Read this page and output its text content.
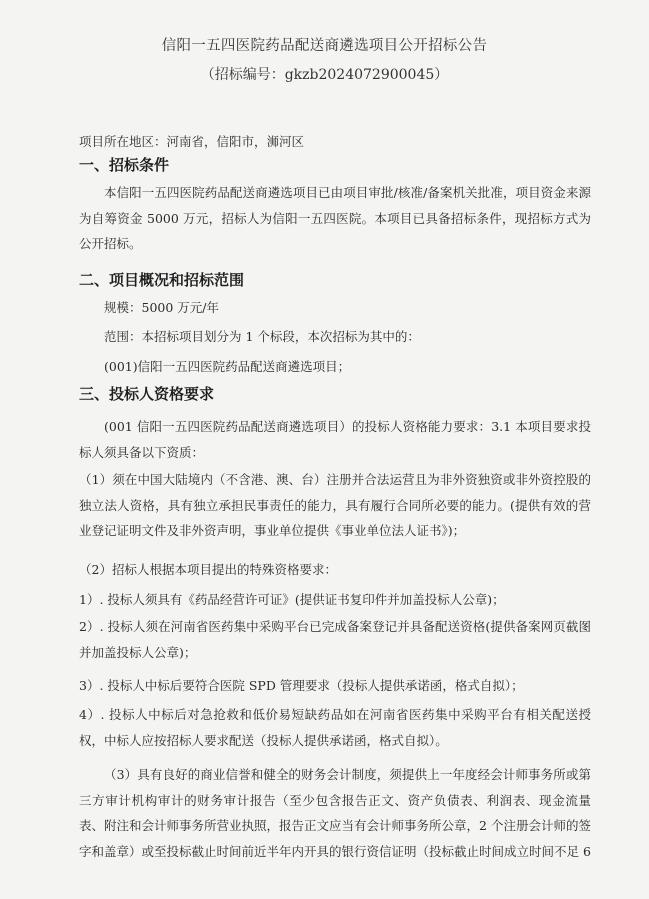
信阳一五四医院药品配送商遴选项目公开招标公告
（招标编号：gkzb2024072900045）
项目所在地区：河南省，信阳市，浉河区
一、招标条件
本信阳一五四医院药品配送商遴选项目已由项目审批/核准/备案机关批准，项目资金来源为自筹资金 5000 万元，招标人为信阳一五四医院。本项目已具备招标条件，现招标方式为公开招标。
二、项目概况和招标范围
规模：5000 万元/年
范围：本招标项目划分为 1 个标段，本次招标为其中的：
(001)信阳一五四医院药品配送商遴选项目；
三、投标人资格要求
(001 信阳一五四医院药品配送商遴选项目）的投标人资格能力要求：3.1 本项目要求投标人须具备以下资质：
（1）须在中国大陆境内（不含港、澳、台）注册并合法运营且为非外资独资或非外资控股的独立法人资格，具有独立承担民事责任的能力，具有履行合同所必要的能力。(提供有效的营业登记证明文件及非外资声明，事业单位提供《事业单位法人证书》)；
（2）招标人根据本项目提出的特殊资格要求：
1）. 投标人须具有《药品经营许可证》(提供证书复印件并加盖投标人公章)；
2）. 投标人须在河南省医药集中采购平台已完成备案登记并具备配送资格(提供备案网页截图并加盖投标人公章)；
3）. 投标人中标后要符合医院 SPD 管理要求（投标人提供承诺函，格式自拟）；
4）. 投标人中标后对急抢救和低价易短缺药品如在河南省医药集中采购平台有相关配送授权，中标人应按招标人要求配送（投标人提供承诺函，格式自拟）。
（3）具有良好的商业信誉和健全的财务会计制度，须提供上一年度经会计师事务所或第三方审计机构审计的财务审计报告（至少包含报告正文、资产负债表、利润表、现金流量表、附注和会计师事务所营业执照，报告正文应当有会计师事务所公章，2 个注册会计师的签字和盖章）或至投标截止时间前近半年内开具的银行资信证明（投标截止时间成立时间不足 6
